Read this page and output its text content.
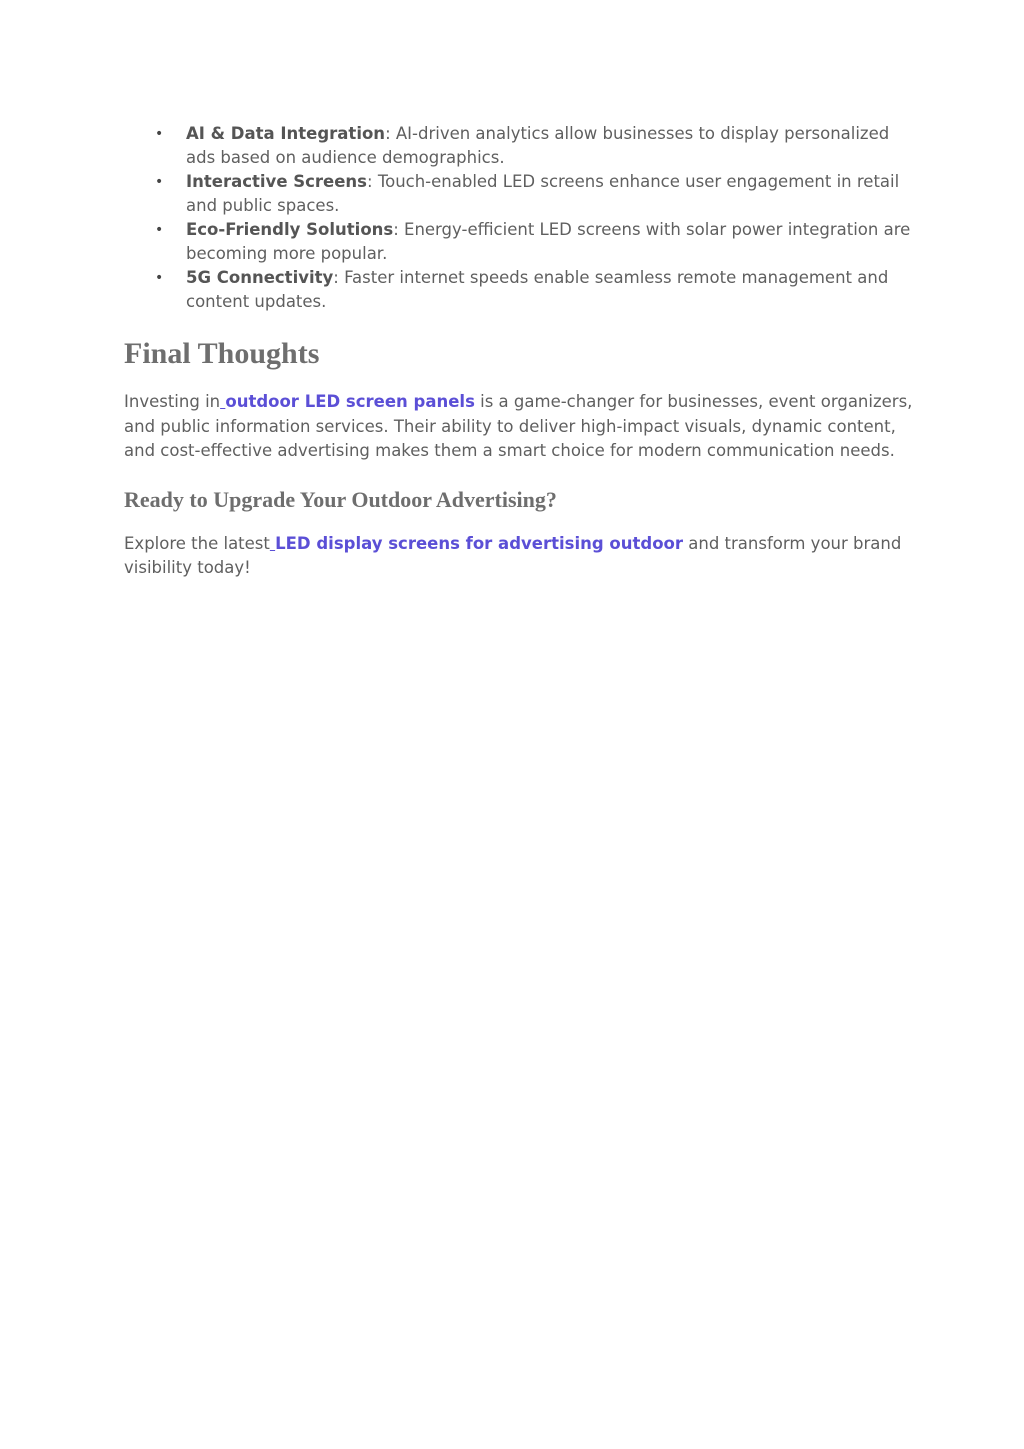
• AI & Data Integration: AI-driven analytics allow businesses to display personalized ads based on audience demographics.
• Interactive Screens: Touch-enabled LED screens enhance user engagement in retail and public spaces.
• Eco-Friendly Solutions: Energy-efficient LED screens with solar power integration are becoming more popular.
• 5G Connectivity: Faster internet speeds enable seamless remote management and content updates.
Final Thoughts

Investing in outdoor LED screen panels is a game-changer for businesses, event organizers, and public information services. Their ability to deliver high-impact visuals, dynamic content, and cost-effective advertising makes them a smart choice for modern communication needs.

Ready to Upgrade Your Outdoor Advertising?

Explore the latest LED display screens for advertising outdoor and transform your brand visibility today!
